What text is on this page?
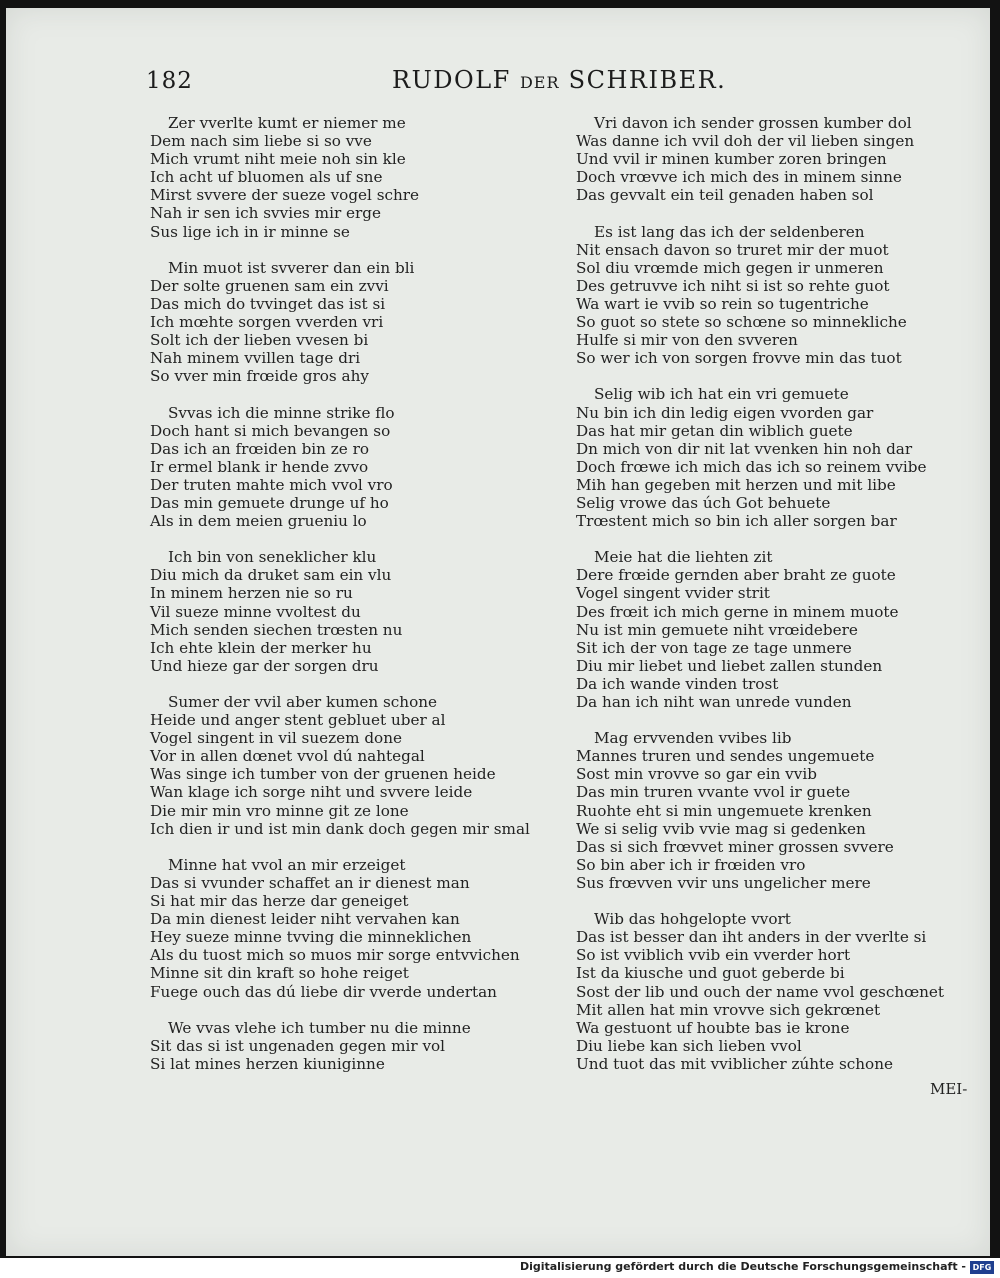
182	RUDOLF DER SCHRIBER.
Zer vverlte kumt er niemer me
Dem nach sim liebe si so vve
Mich vrumt niht meie noh sin kle
Ich acht uf bluomen als uf sne
Mirst svvere der sueze vogel schre
Nah ir sen ich svvies mir erge
Sus lige ich in ir minne se
Min muot ist svverer dan ein bli
Der solte gruenen sam ein zvvi
Das mich do tvvinget das ist si
Ich mœhte sorgen vverden vri
Solt ich der lieben vvesen bi
Nah minem vvillen tage dri
So vver min frœide gros ahy
Svvas ich die minne strike flo
Doch hant si mich bevangen so
Das ich an frœiden bin ze ro
Ir ermel blank ir hende zvvo
Der truten mahte mich vvol vro
Das min gemuete drunge uf ho
Als in dem meien grueniu lo
Ich bin von seneklicher klu
Diu mich da druket sam ein vlu
In minem herzen nie so ru
Vil sueze minne vvoltest du
Mich senden siechen trœsten nu
Ich ehte klein der merker hu
Und hieze gar der sorgen dru
Sumer der vvil aber kumen schone
Heide und anger stent gebluet uber al
Vogel singent in vil suezem done
Vor in allen dœnet vvol dú nahtegal
Was singe ich tumber von der gruenen heide
Wan klage ich sorge niht und svvere leide
Die mir min vro minne git ze lone
Ich dien ir und ist min dank doch gegen mir smal
Minne hat vvol an mir erzeiget
Das si vvunder schaffet an ir dienest man
Si hat mir das herze dar geneiget
Da min dienest leider niht vervahen kan
Hey sueze minne tvving die minneklichen
Als du tuost mich so muos mir sorge entvvichen
Minne sit din kraft so hohe reiget
Fuege ouch das dú liebe dir vverde undertan
We vvas vlehe ich tumber nu die minne
Sit das si ist ungenaden gegen mir vol
Si lat mines herzen kiuniginne
Vri davon ich sender grossen kumber dol
Was danne ich vvil doh der vil lieben singen
Und vvil ir minen kumber zoren bringen
Doch vrœvve ich mich des in minem sinne
Das gevvalt ein teil genaden haben sol
Es ist lang das ich der seldenberen
Nit ensach davon so truret mir der muot
Sol diu vrœmde mich gegen ir unmeren
Des getruvve ich niht si ist so rehte guot
Wa wart ie vvib so rein so tugentriche
So guot so stete so schœne so minnekliche
Hulfe si mir von den svveren
So wer ich von sorgen frovve min das tuot
Selig wib ich hat ein vri gemuete
Nu bin ich din ledig eigen vvorden gar
Das hat mir getan din wiblich guete
Dn mich von dir nit lat vvenken hin noh dar
Doch frœwe ich mich das ich so reinem vvibe
Mih han gegeben mit herzen und mit libe
Selig vrowe das úch Got behuete
Trœstent mich so bin ich aller sorgen bar
Meie hat die liehten zit
Dere frœide gernden aber braht ze guote
Vogel singent vvider strit
Des frœit ich mich gerne in minem muote
Nu ist min gemuete niht vrœidebere
Sit ich der von tage ze tage unmere
Diu mir liebet und liebet zallen stunden
Da ich wande vinden trost
Da han ich niht wan unrede vunden
Mag ervvenden vvibes lib
Mannes truren und sendes ungemuete
Sost min vrovve so gar ein vvib
Das min truren vvante vvol ir guete
Ruohte eht si min ungemuete krenken
We si selig vvib vvie mag si gedenken
Das si sich frœvvet miner grossen svvere
So bin aber ich ir frœiden vro
Sus frœvven vvir uns ungelicher mere
Wib das hohgelopte vvort
Das ist besser dan iht anders in der vverlte si
So ist vviblich vvib ein vverder hort
Ist da kiusche und guot geberde bi
Sost der lib und ouch der name vvol geschœnet
Mit allen hat min vrovve sich gekrœnet
Wa gestuont uf houbte bas ie krone
Diu liebe kan sich lieben vvol
Und tuot das mit vviblicher zúhte schone
MEI-
Digitalisierung gefördert durch die Deutsche Forschungsgemeinschaft - DFG
